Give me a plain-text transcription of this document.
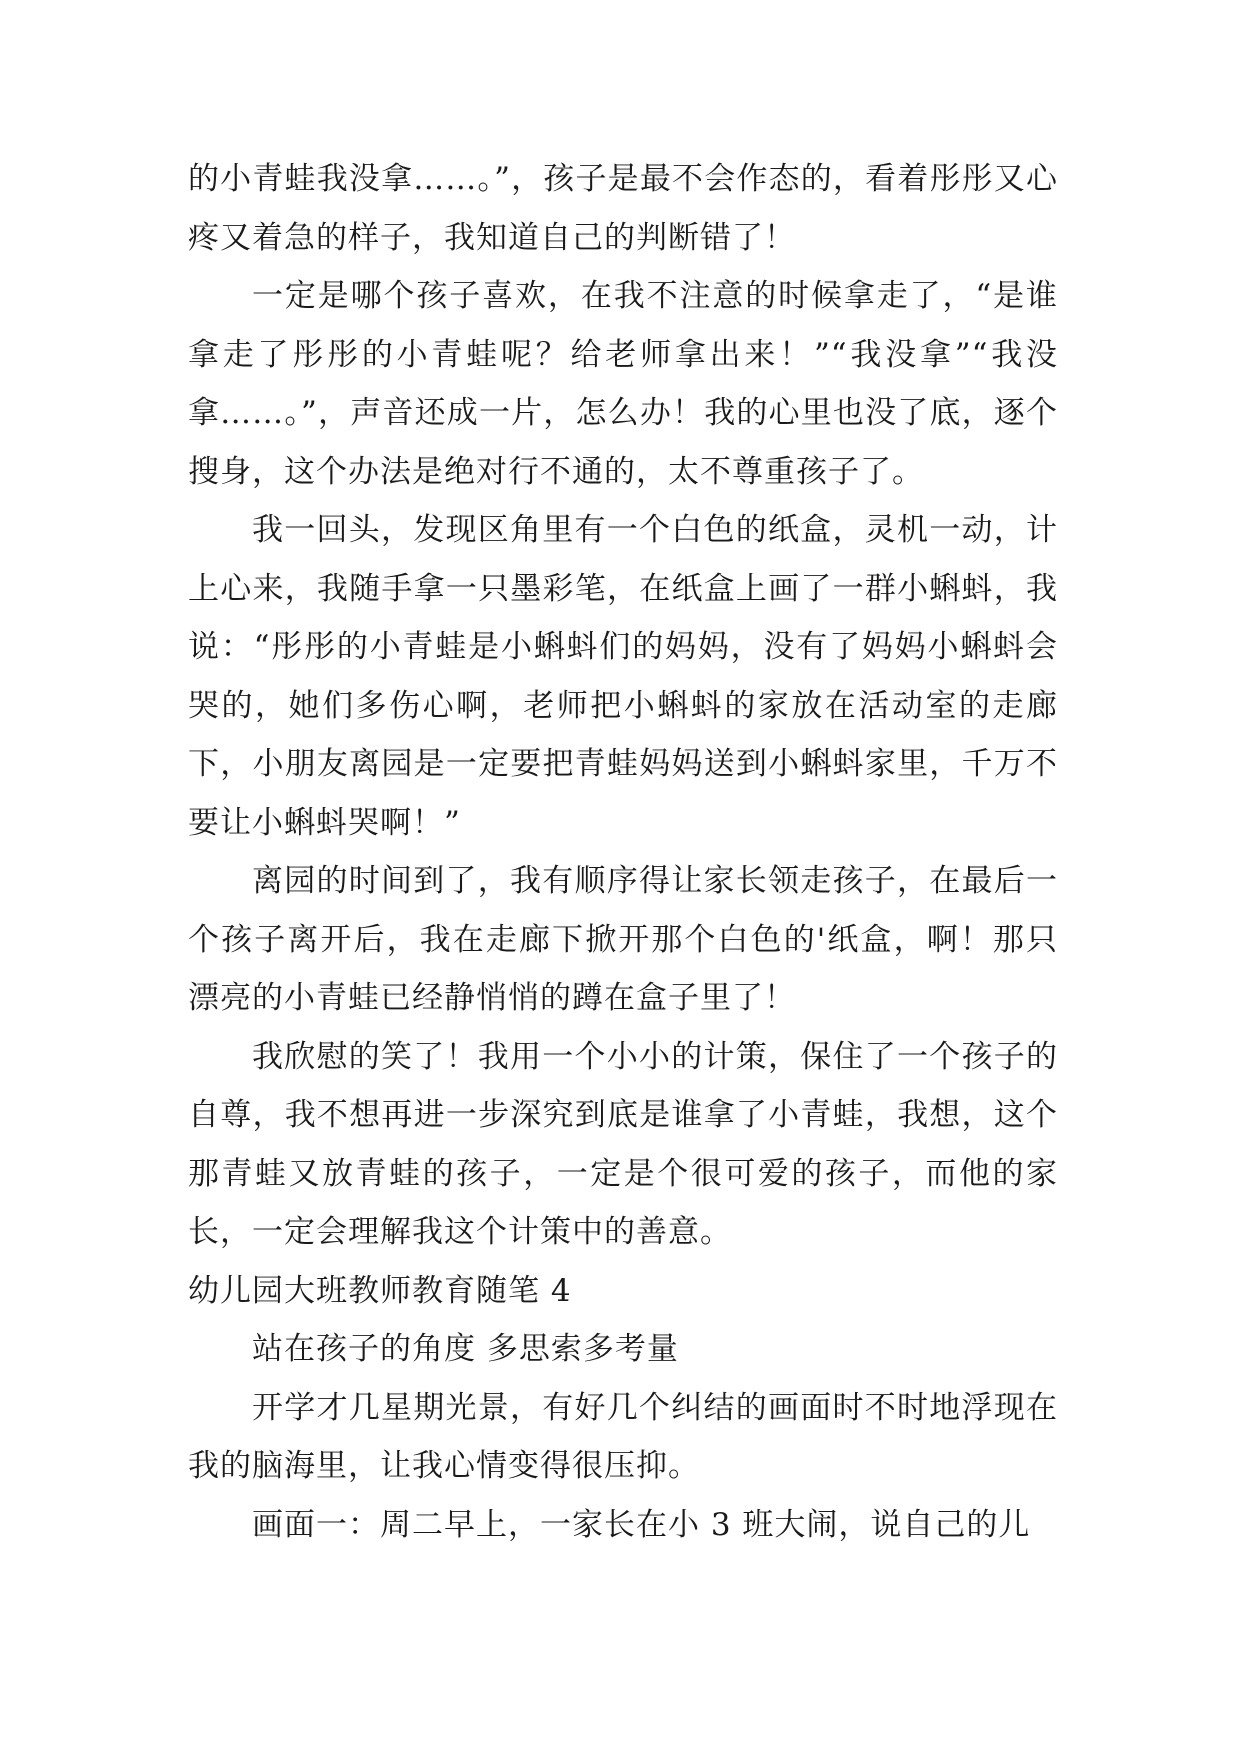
的小青蛙我没拿……。”，孩子是最不会作态的，看着彤彤又心疼又着急的样子，我知道自己的判断错了！

一定是哪个孩子喜欢，在我不注意的时候拿走了，“是谁拿走了彤彤的小青蛙呢？给老师拿出来！”“我没拿”“我没拿……。”，声音还成一片，怎么办！我的心里也没了底，逐个搜身，这个办法是绝对行不通的，太不尊重孩子了。

我一回头，发现区角里有一个白色的纸盒，灵机一动，计上心来，我随手拿一只墨彩笔，在纸盒上画了一群小蝌蚪，我说：“彤彤的小青蛙是小蝌蚪们的妈妈，没有了妈妈小蝌蚪会哭的，她们多伤心啊，老师把小蝌蚪的家放在活动室的走廊下，小朋友离园是一定要把青蛙妈妈送到小蝌蚪家里，千万不要让小蝌蚪哭啊！”

离园的时间到了，我有顺序得让家长领走孩子，在最后一个孩子离开后，我在走廊下掀开那个白色的'纸盒，啊！那只漂亮的小青蛙已经静悄悄的蹲在盒子里了！

我欣慰的笑了！我用一个小小的计策，保住了一个孩子的自尊，我不想再进一步深究到底是谁拿了小青蛙，我想，这个那青蛙又放青蛙的孩子，一定是个很可爱的孩子，而他的家长，一定会理解我这个计策中的善意。

幼儿园大班教师教育随笔 4

站在孩子的角度 多思索多考量

开学才几星期光景，有好几个纠结的画面时不时地浮现在我的脑海里，让我心情变得很压抑。

画面一：周二早上，一家长在小 3 班大闹，说自己的儿
